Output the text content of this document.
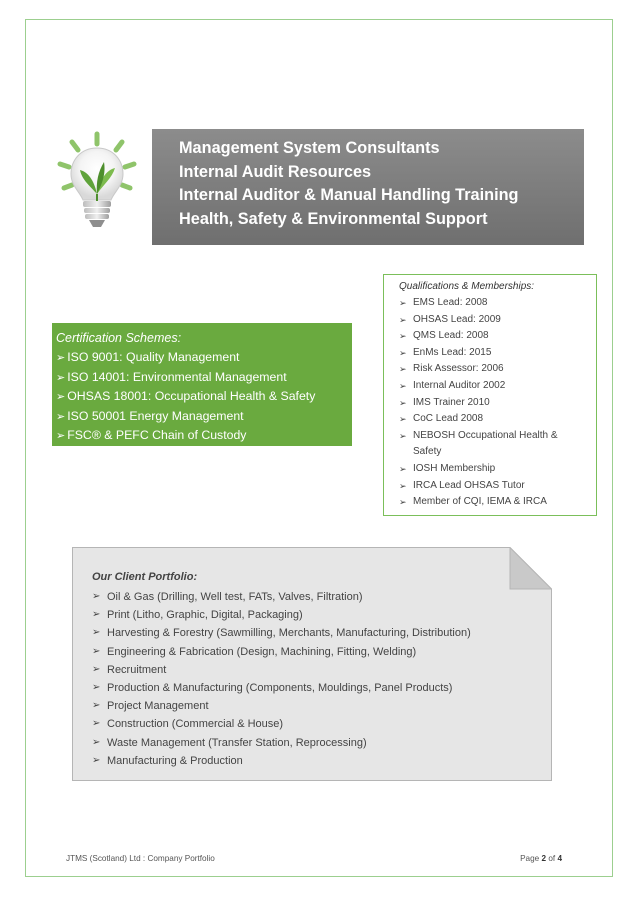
Management System Consultants
Internal Audit Resources
Internal Auditor & Manual Handling Training
Health, Safety & Environmental Support
Qualifications & Memberships:
➢ EMS Lead: 2008
➢ OHSAS Lead: 2009
➢ QMS Lead: 2008
➢ EnMs Lead: 2015
➢ Risk Assessor: 2006
➢ Internal Auditor 2002
➢ IMS Trainer 2010
➢ CoC Lead 2008
➢ NEBOSH Occupational Health & Safety
➢ IOSH Membership
➢ IRCA Lead OHSAS Tutor
➢ Member of CQI, IEMA & IRCA
Certification Schemes:
➢ ISO 9001: Quality Management
➢ ISO 14001: Environmental Management
➢ OHSAS 18001: Occupational Health & Safety
➢ ISO 50001 Energy Management
➢ FSC® & PEFC Chain of Custody
Our Client Portfolio:
➢ Oil & Gas (Drilling, Well test, FATs, Valves, Filtration)
➢ Print (Litho, Graphic, Digital, Packaging)
➢ Harvesting & Forestry (Sawmilling, Merchants, Manufacturing, Distribution)
➢ Engineering & Fabrication (Design, Machining, Fitting, Welding)
➢ Recruitment
➢ Production & Manufacturing (Components, Mouldings, Panel Products)
➢ Project Management
➢ Construction (Commercial & House)
➢ Waste Management (Transfer Station, Reprocessing)
➢ Manufacturing & Production
JTMS (Scotland) Ltd : Company Portfolio	Page 2 of 4
